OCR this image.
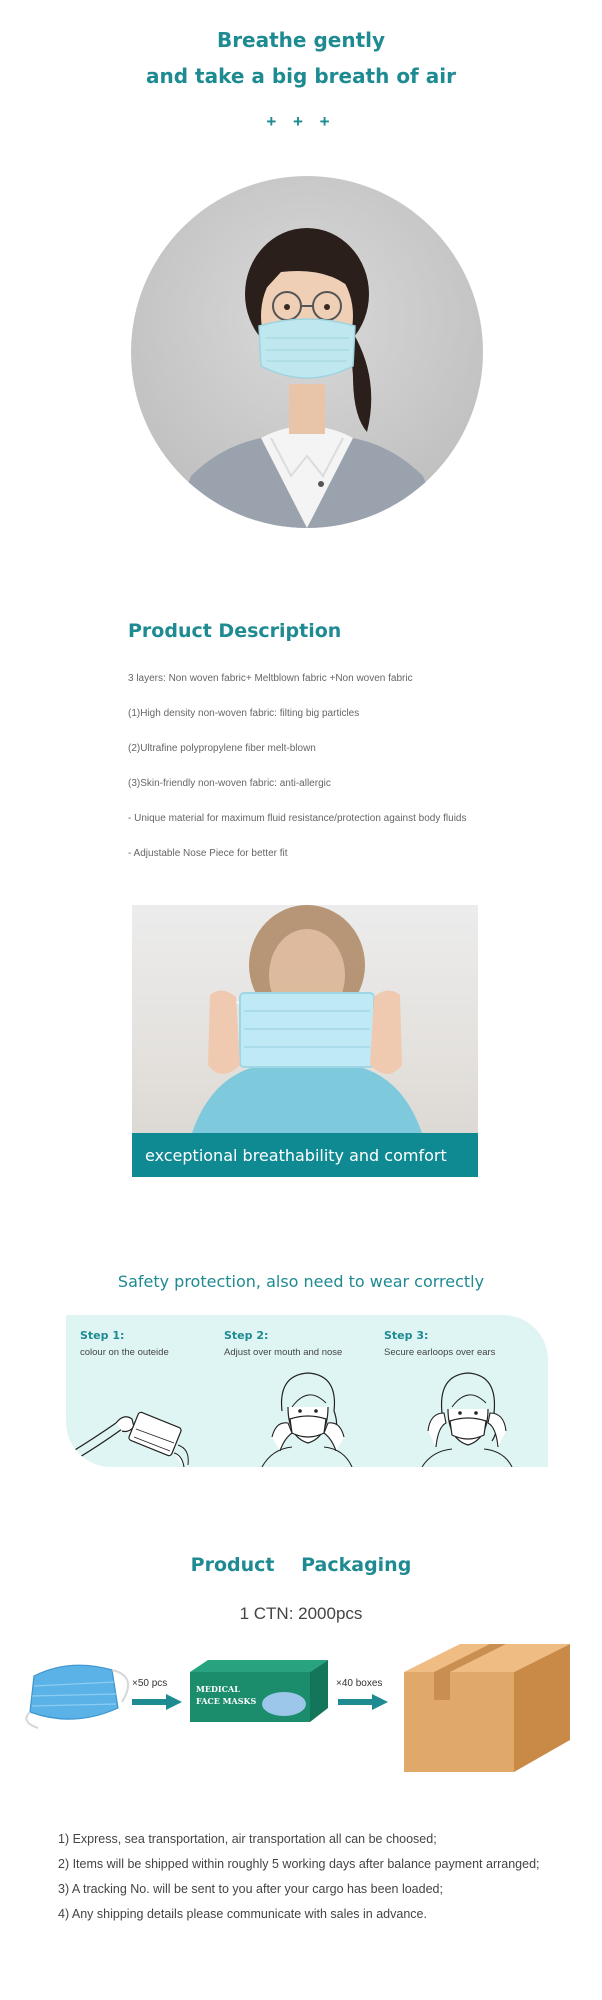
Breathe gently
and take a big breath of air
+ + +
Product Description
3 layers: Non woven fabric+ Meltblown fabric +Non woven fabric
(1)High density non-woven fabric: filting big particles
(2)Ultrafine polypropylene fiber melt-blown
(3)Skin-friendly non-woven fabric: anti-allergic
- Unique material for maximum fluid resistance/protection against body fluids
- Adjustable Nose Piece for better fit
exceptional breathability and comfort
Safety protection, also need to wear correctly
Step 1:
colour on the outeide
Step 2:
Adjust over mouth and nose
Step 3:
Secure earloops over ears
Product Packaging
1 CTN: 2000pcs
×50 pcs	MEDICAL
FACE MASKS
×40 boxes
1) Express, sea transportation, air transportation all can be choosed;
2) Items will be shipped within roughly 5 working days after balance payment arranged;
3) A tracking No. will be sent to you after your cargo has been loaded;
4) Any shipping details please communicate with sales in advance.
